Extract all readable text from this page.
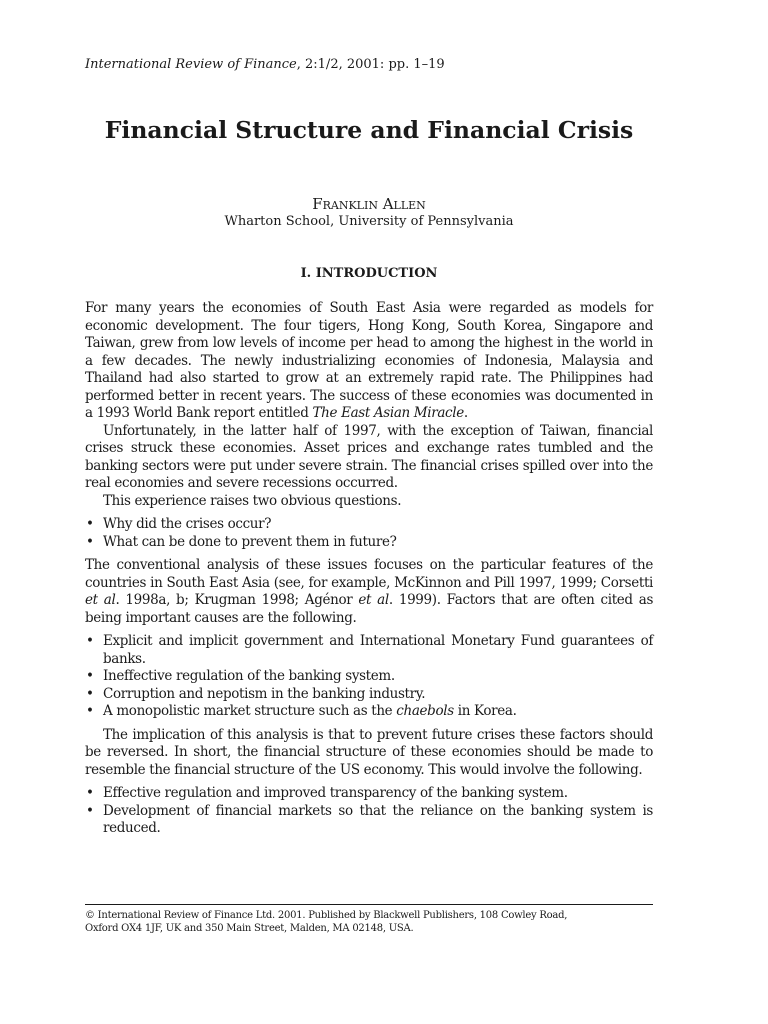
International Review of Finance, 2:1/2, 2001: pp. 1–19
Financial Structure and Financial Crisis
Franklin Allen
Wharton School, University of Pennsylvania
I. INTRODUCTION

For many years the economies of South East Asia were regarded as models for economic development. The four tigers, Hong Kong, South Korea, Singapore and Taiwan, grew from low levels of income per head to among the highest in the world in a few decades. The newly industrializing economies of Indonesia, Malaysia and Thailand had also started to grow at an extremely rapid rate. The Philippines had performed better in recent years. The success of these economies was documented in a 1993 World Bank report entitled The East Asian Miracle.

Unfortunately, in the latter half of 1997, with the exception of Taiwan, financial crises struck these economies. Asset prices and exchange rates tumbled and the banking sectors were put under severe strain. The financial crises spilled over into the real economies and severe recessions occurred.

This experience raises two obvious questions.

• Why did the crises occur?
• What can be done to prevent them in future?

The conventional analysis of these issues focuses on the particular features of the countries in South East Asia (see, for example, McKinnon and Pill 1997, 1999; Corsetti et al. 1998a, b; Krugman 1998; Agénor et al. 1999). Factors that are often cited as being important causes are the following.

• Explicit and implicit government and International Monetary Fund guarantees of banks.
• Ineffective regulation of the banking system.
• Corruption and nepotism in the banking industry.
• A monopolistic market structure such as the chaebols in Korea.

The implication of this analysis is that to prevent future crises these factors should be reversed. In short, the financial structure of these economies should be made to resemble the financial structure of the US economy. This would involve the following.

• Effective regulation and improved transparency of the banking system.
• Development of financial markets so that the reliance on the banking system is reduced.
© International Review of Finance Ltd. 2001. Published by Blackwell Publishers, 108 Cowley Road,
Oxford OX4 1JF, UK and 350 Main Street, Malden, MA 02148, USA.
